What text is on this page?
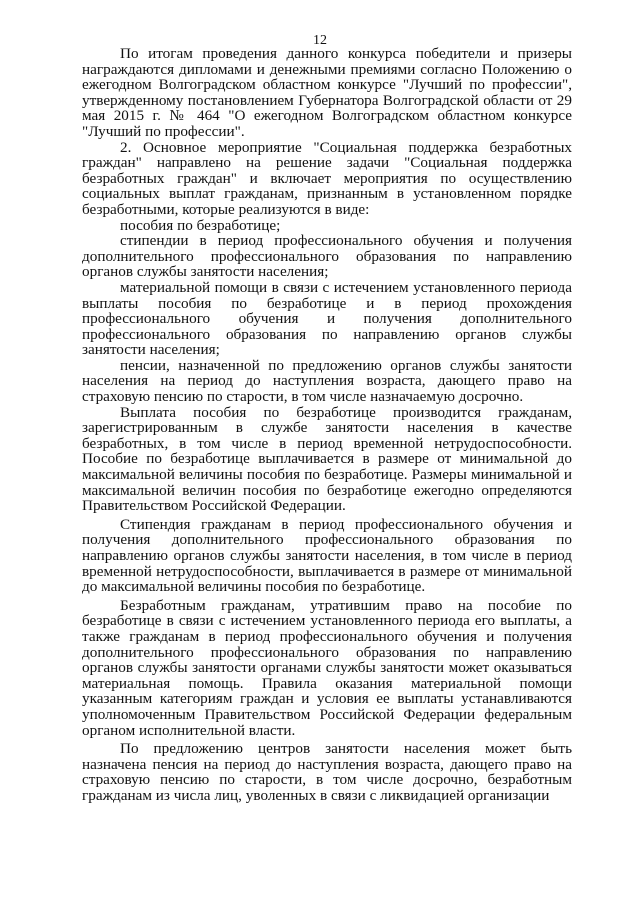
12

По итогам проведения данного конкурса победители и призеры награждаются дипломами и денежными премиями согласно Положению о ежегодном Волгоградском областном конкурсе "Лучший по профессии", утвержденному постановлением Губернатора Волгоградской области от 29 мая 2015 г. № 464 "О ежегодном Волгоградском областном конкурсе "Лучший по профессии".

2. Основное мероприятие "Социальная поддержка безработных граждан" направлено на решение задачи "Социальная поддержка безработных граждан" и включает мероприятия по осуществлению социальных выплат гражданам, признанным в установленном порядке безработными, которые реализуются в виде:

пособия по безработице;

стипендии в период профессионального обучения и получения дополнительного профессионального образования по направлению органов службы занятости населения;

материальной помощи в связи с истечением установленного периода выплаты пособия по безработице и в период прохождения профессионального обучения и получения дополнительного профессионального образования по направлению органов службы занятости населения;

пенсии, назначенной по предложению органов службы занятости населения на период до наступления возраста, дающего право на страховую пенсию по старости, в том числе назначаемую досрочно.

Выплата пособия по безработице производится гражданам, зарегистрированным в службе занятости населения в качестве безработных, в том числе в период временной нетрудоспособности. Пособие по безработице выплачивается в размере от минимальной до максимальной величины пособия по безработице. Размеры минимальной и максимальной величин пособия по безработице ежегодно определяются Правительством Российской Федерации.

Стипендия гражданам в период профессионального обучения и получения дополнительного профессионального образования по направлению органов службы занятости населения, в том числе в период временной нетрудоспособности, выплачивается в размере от минимальной до максимальной величины пособия по безработице.

Безработным гражданам, утратившим право на пособие по безработице в связи с истечением установленного периода его выплаты, а также гражданам в период профессионального обучения и получения дополнительного профессионального образования по направлению органов службы занятости органами службы занятости может оказываться материальная помощь. Правила оказания материальной помощи указанным категориям граждан и условия ее выплаты устанавливаются уполномоченным Правительством Российской Федерации федеральным органом исполнительной власти.

По предложению центров занятости населения может быть назначена пенсия на период до наступления возраста, дающего право на страховую пенсию по старости, в том числе досрочно, безработным гражданам из числа лиц, уволенных в связи с ликвидацией организации
